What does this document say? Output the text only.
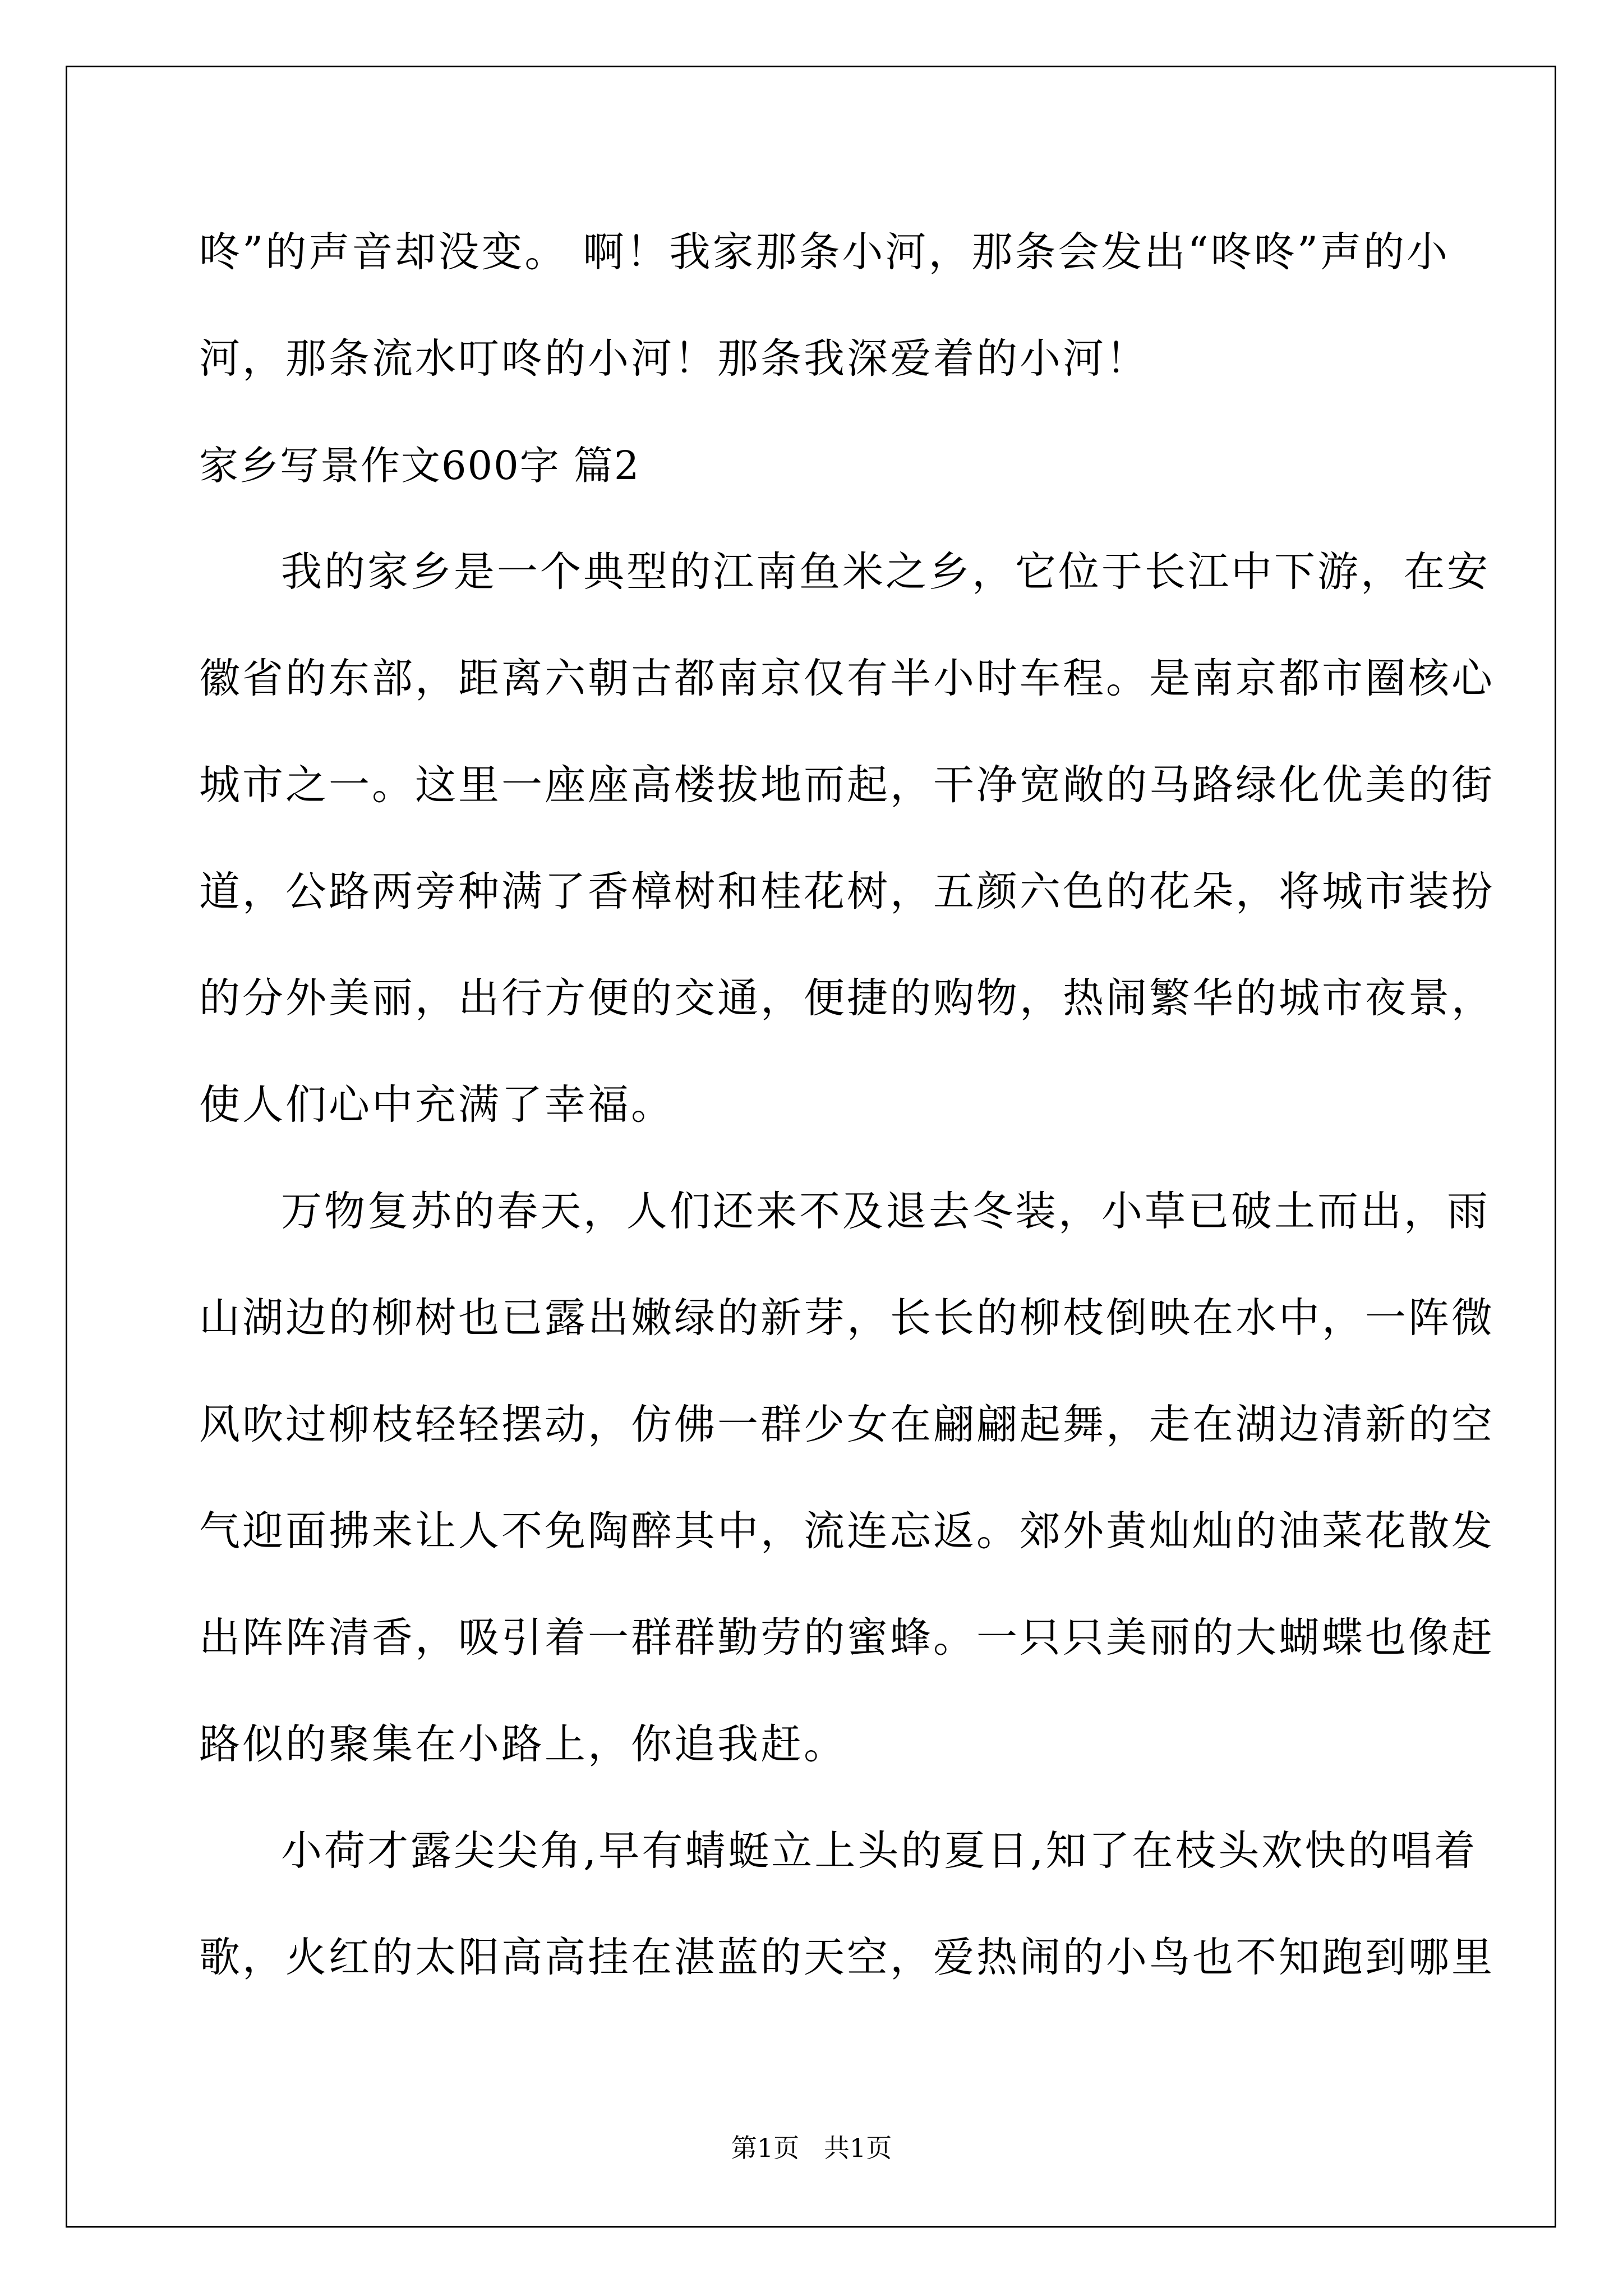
咚”的声音却没变。 啊！我家那条小河，那条会发出“咚咚”声的小
河，那条流水叮咚的小河！那条我深爱着的小河！
家乡写景作文600字 篇2
我的家乡是一个典型的江南鱼米之乡，它位于长江中下游，在安
徽省的东部，距离六朝古都南京仅有半小时车程。是南京都市圈核心
城市之一。这里一座座高楼拔地而起，干净宽敞的马路绿化优美的街
道，公路两旁种满了香樟树和桂花树，五颜六色的花朵，将城市装扮
的分外美丽，出行方便的交通，便捷的购物，热闹繁华的城市夜景，
使人们心中充满了幸福。
万物复苏的春天，人们还来不及退去冬装，小草已破土而出，雨
山湖边的柳树也已露出嫩绿的新芽，长长的柳枝倒映在水中，一阵微
风吹过柳枝轻轻摆动，仿佛一群少女在翩翩起舞，走在湖边清新的空
气迎面拂来让人不免陶醉其中，流连忘返。郊外黄灿灿的油菜花散发
出阵阵清香，吸引着一群群勤劳的蜜蜂。一只只美丽的大蝴蝶也像赶
路似的聚集在小路上，你追我赶。
小荷才露尖尖角,早有蜻蜓立上头的夏日,知了在枝头欢快的唱着
歌，火红的太阳高高挂在湛蓝的天空，爱热闹的小鸟也不知跑到哪里
第1页   共1页
